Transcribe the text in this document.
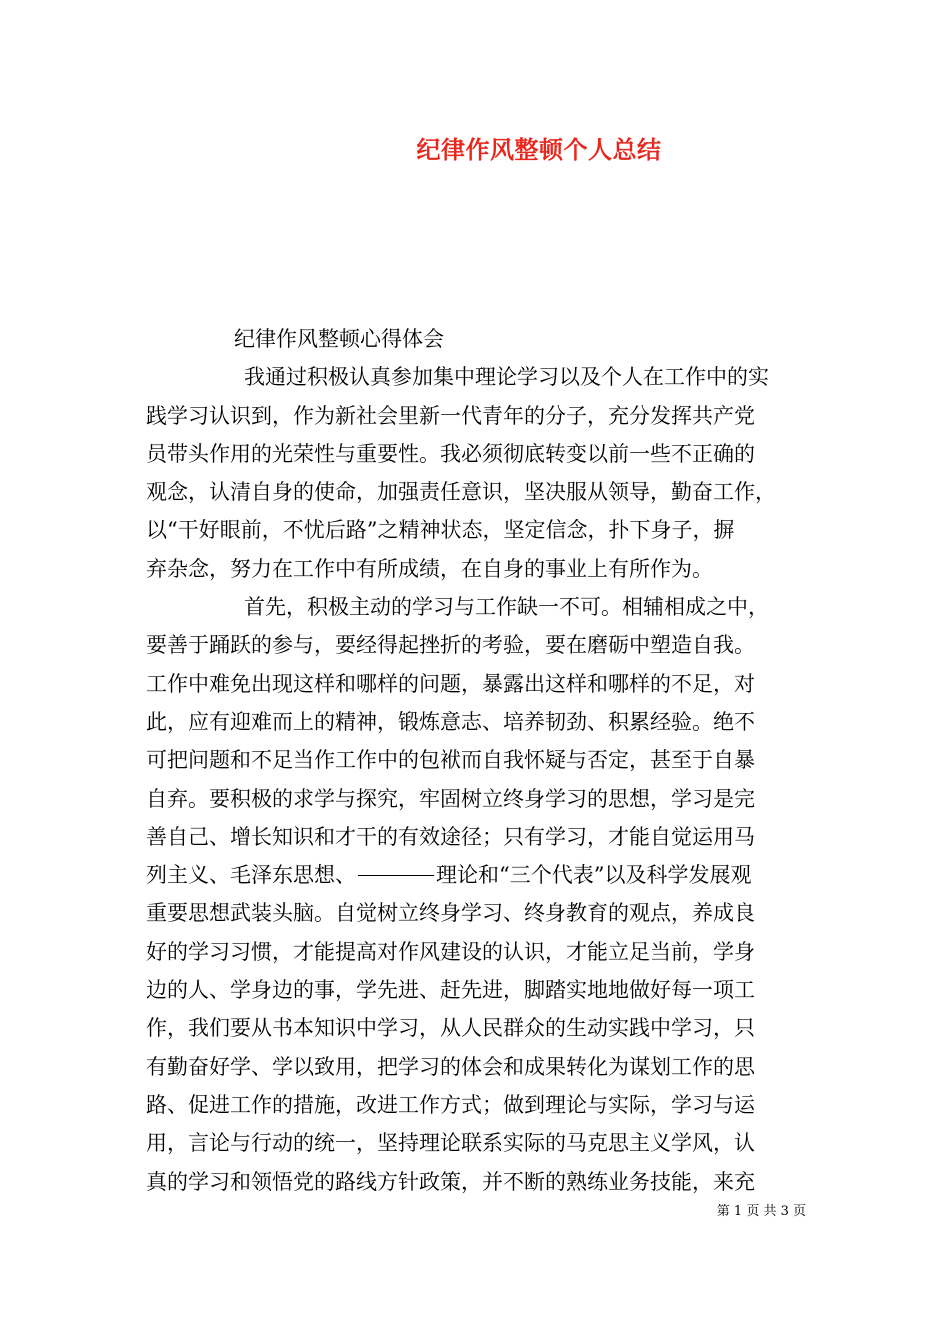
纪律作风整顿个人总结
纪律作风整顿心得体会
我通过积极认真参加集中理论学习以及个人在工作中的实
践学习认识到，作为新社会里新一代青年的分子，充分发挥共产党
员带头作用的光荣性与重要性。我必须彻底转变以前一些不正确的
观念，认清自身的使命，加强责任意识，坚决服从领导，勤奋工作，
以“干好眼前，不忧后路”之精神状态，坚定信念，扑下身子，摒
弃杂念，努力在工作中有所成绩，在自身的事业上有所作为。
首先，积极主动的学习与工作缺一不可。相辅相成之中，
要善于踊跃的参与，要经得起挫折的考验，要在磨砺中塑造自我。
工作中难免出现这样和哪样的问题，暴露出这样和哪样的不足，对
此，应有迎难而上的精神，锻炼意志、培养韧劲、积累经验。绝不
可把问题和不足当作工作中的包袱而自我怀疑与否定，甚至于自暴
自弃。要积极的求学与探究，牢固树立终身学习的思想，学习是完
善自己、增长知识和才干的有效途径；只有学习，才能自觉运用马
列主义、毛泽东思想、	理论和“三个代表”以及科学发展观
重要思想武装头脑。自觉树立终身学习、终身教育的观点，养成良
好的学习习惯，才能提高对作风建设的认识，才能立足当前，学身
边的人、学身边的事，学先进、赶先进，脚踏实地地做好每一项工
作，我们要从书本知识中学习，从人民群众的生动实践中学习，只
有勤奋好学、学以致用，把学习的体会和成果转化为谋划工作的思
路、促进工作的措施，改进工作方式；做到理论与实际，学习与运
用，言论与行动的统一，坚持理论联系实际的马克思主义学风，认
真的学习和领悟党的路线方针政策，并不断的熟练业务技能，来充
第 1 页 共 3 页
